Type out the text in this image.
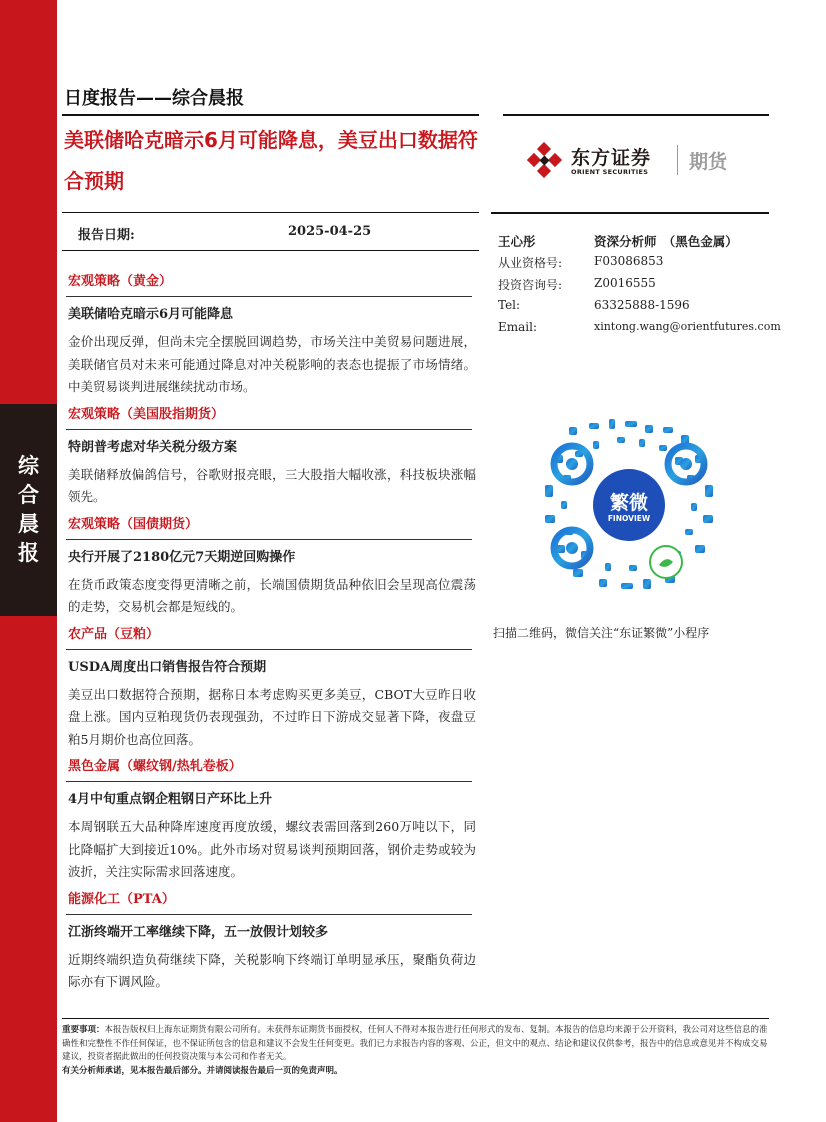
综
合
晨
报
日度报告——综合晨报
美联储哈克暗示6月可能降息，美豆出口数据符合预期
东方证券
ORIENT SECURITIES 期货
报告日期:	2025-04-25
王心彤	资深分析师　（黑色金属）
从业资格号:	F03086853
投资咨询号:	Z0016555
Tel:	63325888-1596
Email:	xintong.wang@orientfutures.com
繁微
FINOVIEW
扫描二维码，微信关注“东证繁微”小程序
宏观策略（黄金）
美联储哈克暗示6月可能降息
金价出现反弹，但尚未完全摆脱回调趋势，市场关注中美贸易问题进展，美联储官员对未来可能通过降息对冲关税影响的表态也提振了市场情绪。中美贸易谈判进展继续扰动市场。
宏观策略（美国股指期货）
特朗普考虑对华关税分级方案
美联储释放偏鸽信号，谷歌财报亮眼，三大股指大幅收涨，科技板块涨幅领先。
宏观策略（国债期货）
央行开展了2180亿元7天期逆回购操作
在货币政策态度变得更清晰之前，长端国债期货品种依旧会呈现高位震荡的走势，交易机会都是短线的。
农产品（豆粕）
USDA周度出口销售报告符合预期
美豆出口数据符合预期，据称日本考虑购买更多美豆，CBOT大豆昨日收盘上涨。国内豆粕现货仍表现强劲，不过昨日下游成交显著下降，夜盘豆粕5月期价也高位回落。
黑色金属（螺纹钢/热轧卷板）
4月中旬重点钢企粗钢日产环比上升
本周钢联五大品种降库速度再度放缓，螺纹表需回落到260万吨以下，同比降幅扩大到接近10%。此外市场对贸易谈判预期回落，钢价走势或较为波折，关注实际需求回落速度。
能源化工（PTA）
江浙终端开工率继续下降，五一放假计划较多
近期终端织造负荷继续下降，关税影响下终端订单明显承压，聚酯负荷边际亦有下调风险。
重要事项：本报告版权归上海东证期货有限公司所有。未获得东证期货书面授权，任何人不得对本报告进行任何形式的发布、复制。本报告的信息均来源于公开资料，我公司对这些信息的准确性和完整性不作任何保证，也不保证所包含的信息和建议不会发生任何变更。我们已力求报告内容的客观、公正，但文中的观点、结论和建议仅供参考，报告中的信息或意见并不构成交易建议，投资者据此做出的任何投资决策与本公司和作者无关。
有关分析师承诺，见本报告最后部分。并请阅读报告最后一页的免责声明。
